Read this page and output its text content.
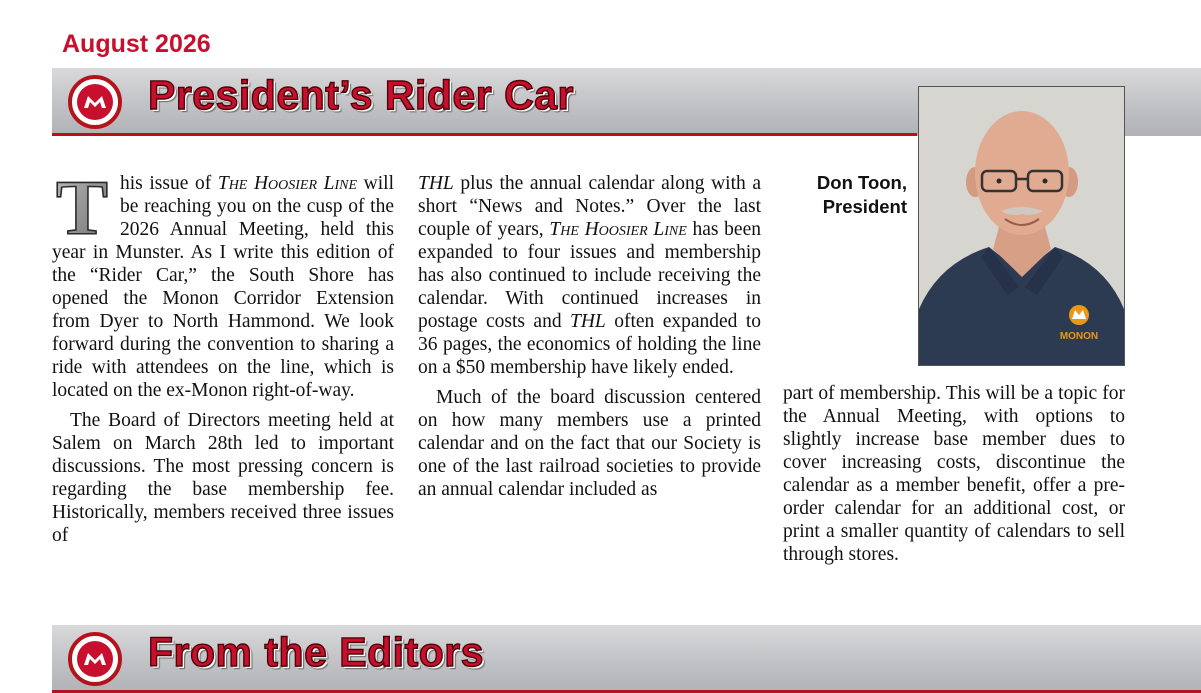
August 2026
President’s Rider Car

T his issue of The Hoosier Line will be reaching you on the cusp of the 2026 Annual Meeting, held this year in Munster. As I write this edition of the “Rider Car,” the South Shore has opened the Monon Corridor Extension from Dyer to North Hammond. We look forward during the convention to sharing a ride with attendees on the line, which is located on the ex-Monon right-of-way.

The Board of Directors meeting held at Salem on March 28th led to important discussions. The most pressing concern is regarding the base membership fee. Historically, members received three issues of

THL plus the annual calendar along with a short “News and Notes.” Over the last couple of years, The Hoosier Line has been expanded to four issues and membership has also continued to include receiving the calendar. With continued increases in postage costs and THL often expanded to 36 pages, the economics of holding the line on a $50 membership have likely ended.

Much of the board discussion centered on how many members use a printed calendar and on the fact that our Society is one of the last railroad societies to provide an annual calendar included as

Don Toon,
President
MONON

part of membership. This will be a topic for the Annual Meeting, with options to slightly increase base member dues to cover increasing costs, discontinue the calendar as a member benefit, offer a pre-order calendar for an additional cost, or print a smaller quantity of calendars to sell through stores.

From the Editors
